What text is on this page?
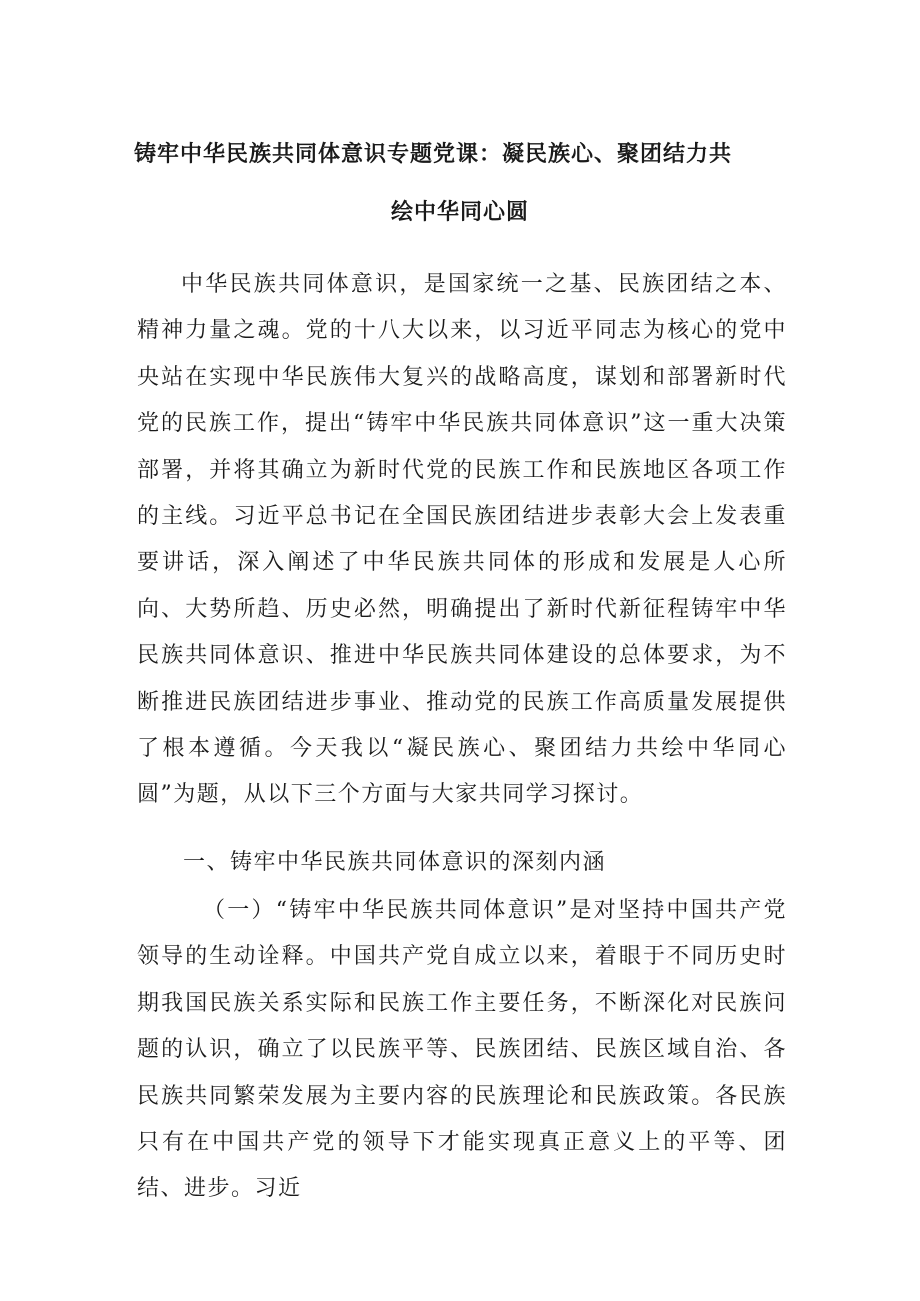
铸牢中华民族共同体意识专题党课：凝民族心、聚团结力共
绘中华同心圆

中华民族共同体意识，是国家统一之基、民族团结之本、精神力量之魂。党的十八大以来，以习近平同志为核心的党中央站在实现中华民族伟大复兴的战略高度，谋划和部署新时代党的民族工作，提出“铸牢中华民族共同体意识”这一重大决策部署，并将其确立为新时代党的民族工作和民族地区各项工作的主线。习近平总书记在全国民族团结进步表彰大会上发表重要讲话，深入阐述了中华民族共同体的形成和发展是人心所向、大势所趋、历史必然，明确提出了新时代新征程铸牢中华民族共同体意识、推进中华民族共同体建设的总体要求，为不断推进民族团结进步事业、推动党的民族工作高质量发展提供了根本遵循。今天我以“凝民族心、聚团结力共绘中华同心圆”为题，从以下三个方面与大家共同学习探讨。

一、铸牢中华民族共同体意识的深刻内涵

（一）“铸牢中华民族共同体意识”是对坚持中国共产党领导的生动诠释。中国共产党自成立以来，着眼于不同历史时期我国民族关系实际和民族工作主要任务，不断深化对民族问题的认识，确立了以民族平等、民族团结、民族区域自治、各民族共同繁荣发展为主要内容的民族理论和民族政策。各民族只有在中国共产党的领导下才能实现真正意义上的平等、团结、进步。习近
